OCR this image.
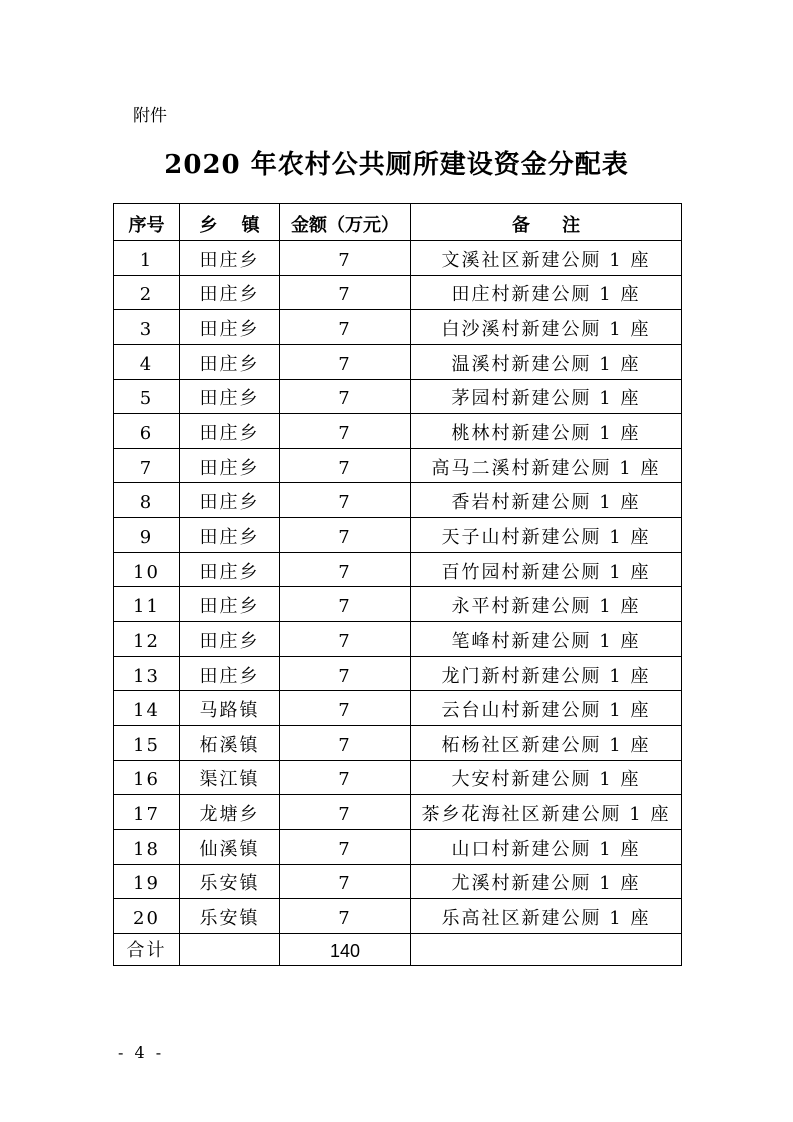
附件
2020 年农村公共厕所建设资金分配表
序号	乡 镇	金额（万元）	备 注
1	田庄乡	7	文溪社区新建公厕 1 座
2	田庄乡	7	田庄村新建公厕 1 座
3	田庄乡	7	白沙溪村新建公厕 1 座
4	田庄乡	7	温溪村新建公厕 1 座
5	田庄乡	7	茅园村新建公厕 1 座
6	田庄乡	7	桃林村新建公厕 1 座
7	田庄乡	7	高马二溪村新建公厕 1 座
8	田庄乡	7	香岩村新建公厕 1 座
9	田庄乡	7	天子山村新建公厕 1 座
10	田庄乡	7	百竹园村新建公厕 1 座
11	田庄乡	7	永平村新建公厕 1 座
12	田庄乡	7	笔峰村新建公厕 1 座
13	田庄乡	7	龙门新村新建公厕 1 座
14	马路镇	7	云台山村新建公厕 1 座
15	柘溪镇	7	柘杨社区新建公厕 1 座
16	渠江镇	7	大安村新建公厕 1 座
17	龙塘乡	7	茶乡花海社区新建公厕 1 座
18	仙溪镇	7	山口村新建公厕 1 座
19	乐安镇	7	尤溪村新建公厕 1 座
20	乐安镇	7	乐高社区新建公厕 1 座
合计		140	
- 4 -
